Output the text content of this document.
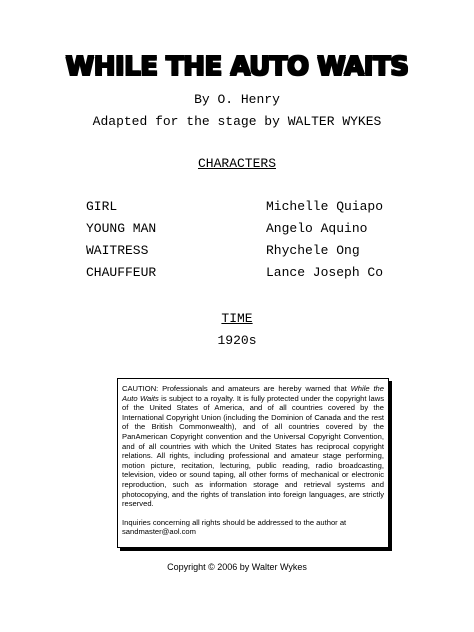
WHILE THE AUTO WAITS
By O. Henry
Adapted for the stage by WALTER WYKES
CHARACTERS
GIRL	Michelle Quiapo
YOUNG MAN	Angelo Aquino
WAITRESS	Rhychele Ong
CHAUFFEUR	Lance Joseph Co
TIME
1920s

CAUTION: Professionals and amateurs are hereby warned that While the Auto Waits is subject to a royalty. It is fully protected under the copyright laws of the United States of America, and of all countries covered by the International Copyright Union (including the Dominion of Canada and the rest of the British Commonwealth), and of all countries covered by the PanAmerican Copyright convention and the Universal Copyright Convention, and of all countries with which the United States has reciprocal copyright relations. All rights, including professional and amateur stage performing, motion picture, recitation, lecturing, public reading, radio broadcasting, television, video or sound taping, all other forms of mechanical or electronic reproduction, such as information storage and retrieval systems and photocopying, and the rights of translation into foreign languages, are strictly reserved.

Inquiries concerning all rights should be addressed to the author at sandmaster@aol.com

Copyright © 2006 by Walter Wykes
